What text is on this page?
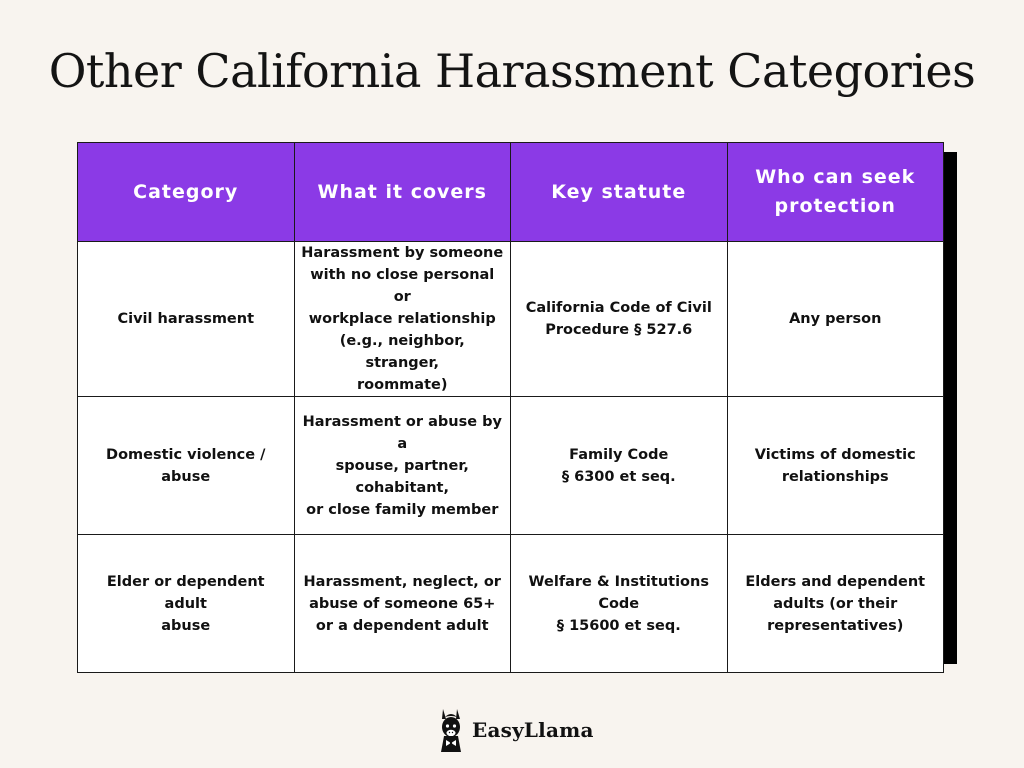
Other California Harassment Categories
Category	What it covers	Key statute	Who can seek protection
Civil harassment	Harassment by someone
with no close personal or
workplace relationship
(e.g., neighbor, stranger,
roommate)	California Code of Civil
Procedure § 527.6	Any person
Domestic violence / abuse	Harassment or abuse by a
spouse, partner,
cohabitant,
or close family member	Family Code
§ 6300 et seq.	Victims of domestic
relationships
Elder or dependent adult
abuse	Harassment, neglect, or
abuse of someone 65+
or a dependent adult	Welfare & Institutions
Code
§ 15600 et seq.	Elders and dependent
adults (or their
representatives)
EasyLlama
